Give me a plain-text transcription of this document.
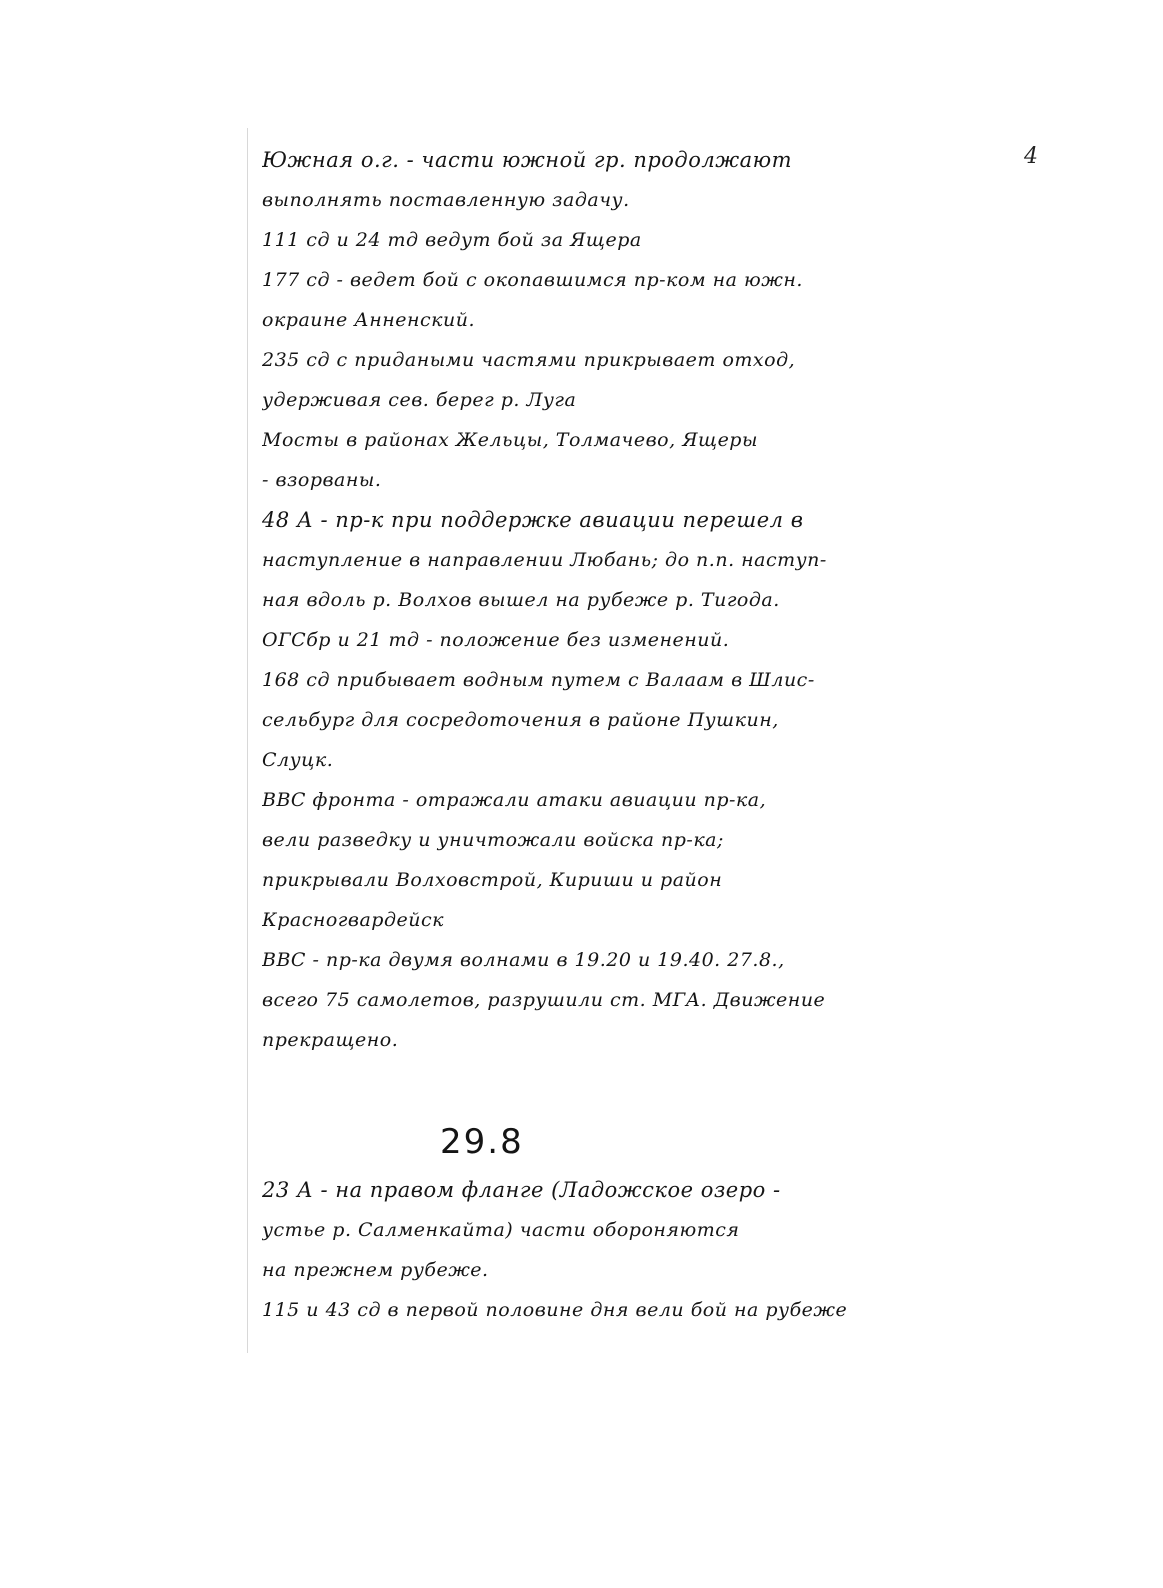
4
Южная о.г. - части южной гр. продолжают
выполнять поставленную задачу.
111 сд и 24 тд ведут бой за Ящера
177 сд - ведет бой с окопавшимся пр-ком на южн.
окраине Анненский.
235 сд с придаными частями прикрывает отход,
удерживая сев. берег р. Луга
Мосты в районах Жельцы, Толмачево, Ящеры
- взорваны.
48 А - пр-к при поддержке авиации перешел в
наступление в направлении Любань; до п.п. наступ-
ная вдоль р. Волхов вышел на рубеже р. Тигода.
ОГСбр и 21 тд - положение без изменений.
168 сд прибывает водным путем с Валаам в Шлис-
сельбург для сосредоточения в районе Пушкин,
Слуцк.
ВВС фронта - отражали атаки авиации пр-ка,
вели разведку и уничтожали войска пр-ка;
прикрывали Волховстрой, Кириши и район
Красногвардейск
ВВС - пр-ка двумя волнами в 19.20 и 19.40. 27.8.,
всего 75 самолетов, разрушили ст. МГА. Движение
прекращено.
29.8
23 А - на правом фланге (Ладожское озеро -
устье р. Салменкайта) части обороняются
на прежнем рубеже.
115 и 43 сд в первой половине дня вели бой на рубеже
